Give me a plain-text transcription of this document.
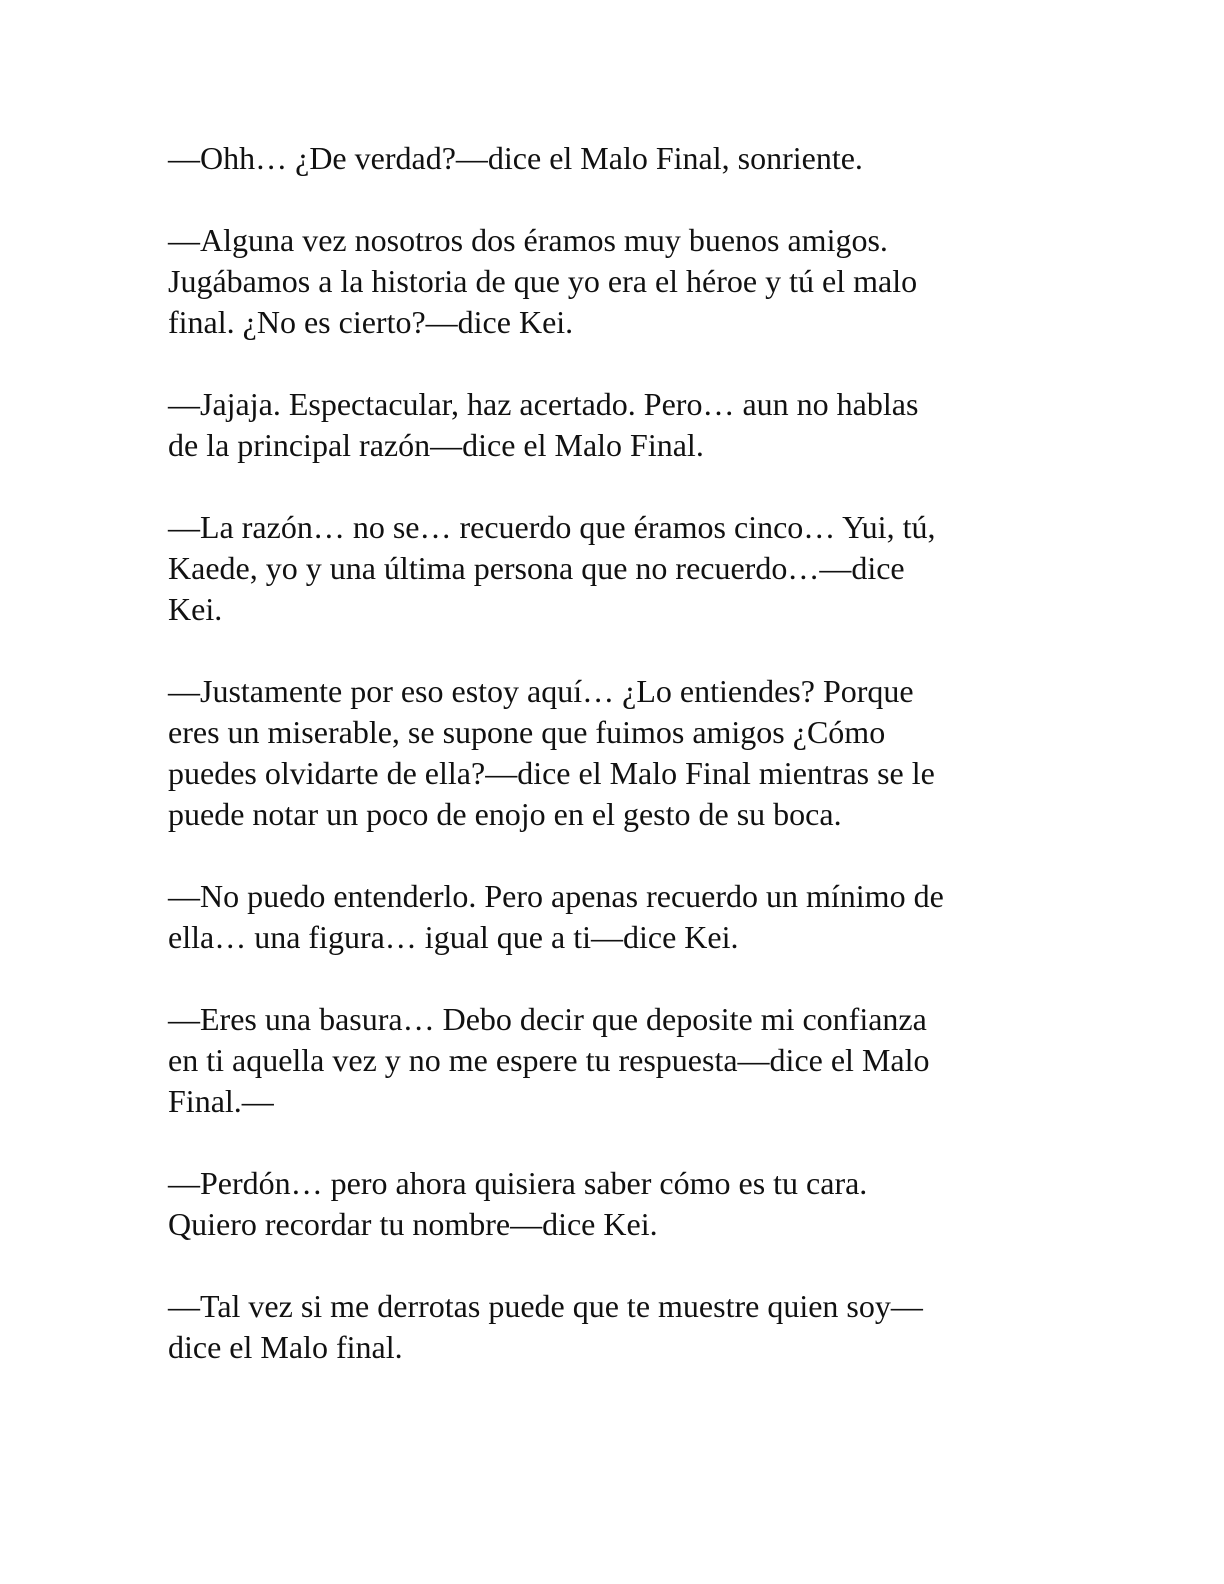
—Ohh… ¿De verdad?—dice el Malo Final, sonriente.

—Alguna vez nosotros dos éramos muy buenos amigos.
Jugábamos a la historia de que yo era el héroe y tú el malo
final. ¿No es cierto?—dice Kei.

—Jajaja. Espectacular, haz acertado. Pero… aun no hablas
de la principal razón—dice el Malo Final.

—La razón… no se… recuerdo que éramos cinco… Yui, tú,
Kaede, yo y una última persona que no recuerdo…—dice
Kei.

—Justamente por eso estoy aquí… ¿Lo entiendes? Porque
eres un miserable, se supone que fuimos amigos ¿Cómo
puedes olvidarte de ella?—dice el Malo Final mientras se le
puede notar un poco de enojo en el gesto de su boca.

—No puedo entenderlo. Pero apenas recuerdo un mínimo de
ella… una figura… igual que a ti—dice Kei.

—Eres una basura… Debo decir que deposite mi confianza
en ti aquella vez y no me espere tu respuesta—dice el Malo
Final.—

—Perdón… pero ahora quisiera saber cómo es tu cara.
Quiero recordar tu nombre—dice Kei.

—Tal vez si me derrotas puede que te muestre quien soy—
dice el Malo final.
